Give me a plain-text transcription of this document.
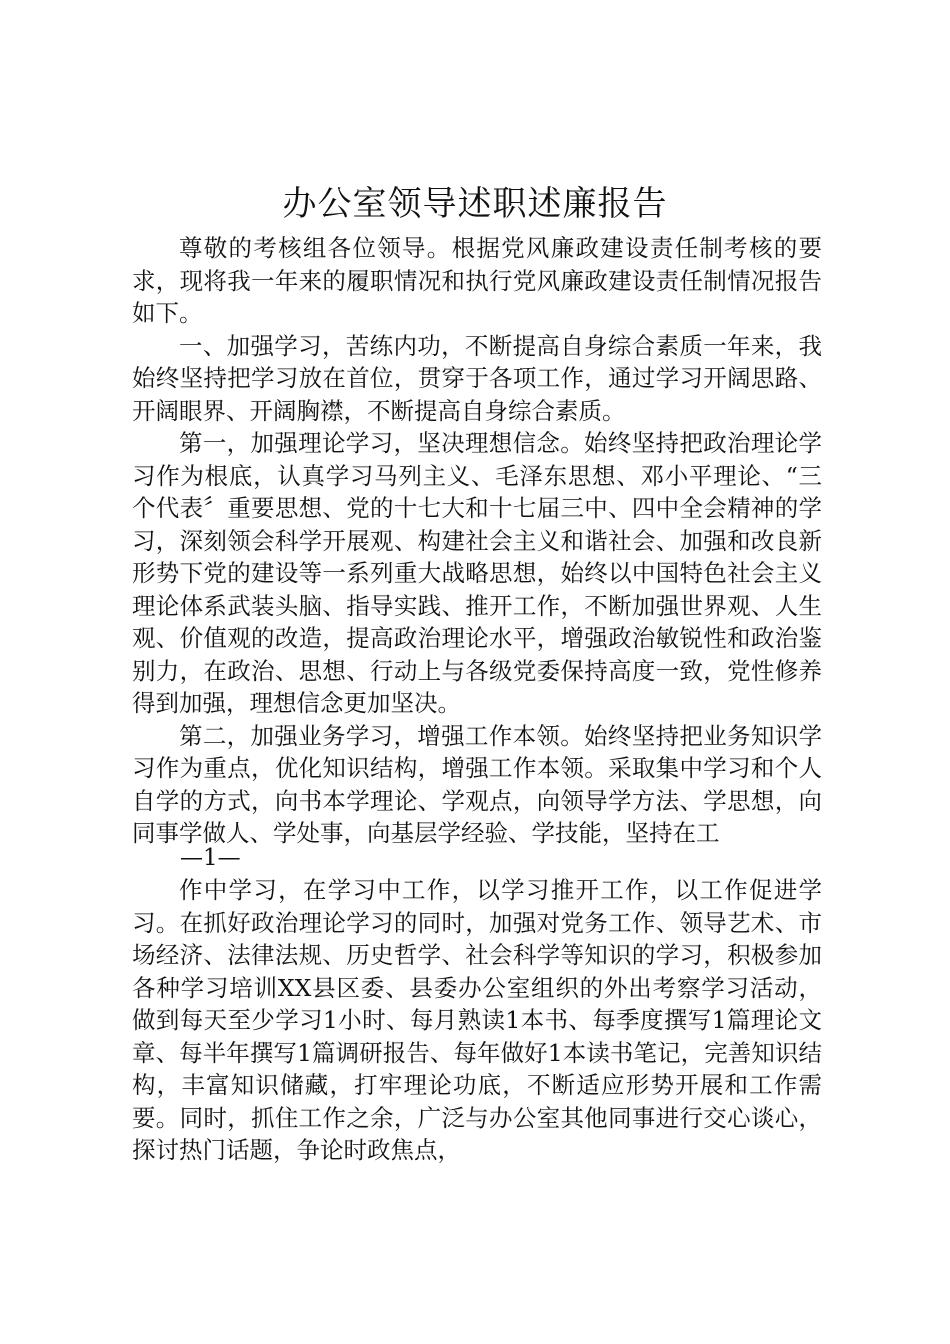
办公室领导述职述廉报告

尊敬的考核组各位领导。根据党风廉政建设责任制考核的要求，现将我一年来的履职情况和执行党风廉政建设责任制情况报告如下。

一、加强学习，苦练内功，不断提高自身综合素质一年来，我始终坚持把学习放在首位，贯穿于各项工作，通过学习开阔思路、开阔眼界、开阔胸襟，不断提高自身综合素质。

第一，加强理论学习，坚决理想信念。始终坚持把政治理论学习作为根底，认真学习马列主义、毛泽东思想、邓小平理论、“三个代表〞重要思想、党的十七大和十七届三中、四中全会精神的学习，深刻领会科学开展观、构建社会主义和谐社会、加强和改良新形势下党的建设等一系列重大战略思想，始终以中国特色社会主义理论体系武装头脑、指导实践、推开工作，不断加强世界观、人生观、价值观的改造，提高政治理论水平，增强政治敏锐性和政治鉴别力，在政治、思想、行动上与各级党委保持高度一致，党性修养得到加强，理想信念更加坚决。

第二，加强业务学习，增强工作本领。始终坚持把业务知识学习作为重点，优化知识结构，增强工作本领。采取集中学习和个人自学的方式，向书本学理论、学观点，向领导学方法、学思想，向同事学做人、学处事，向基层学经验、学技能，坚持在工

—1—

作中学习，在学习中工作，以学习推开工作，以工作促进学习。在抓好政治理论学习的同时，加强对党务工作、领导艺术、市场经济、法律法规、历史哲学、社会科学等知识的学习，积极参加各种学习培训XX县区委、县委办公室组织的外出考察学习活动，做到每天至少学习1小时、每月熟读1本书、每季度撰写1篇理论文章、每半年撰写1篇调研报告、每年做好1本读书笔记，完善知识结构，丰富知识储藏，打牢理论功底，不断适应形势开展和工作需要。同时，抓住工作之余，广泛与办公室其他同事进行交心谈心，探讨热门话题，争论时政焦点，
